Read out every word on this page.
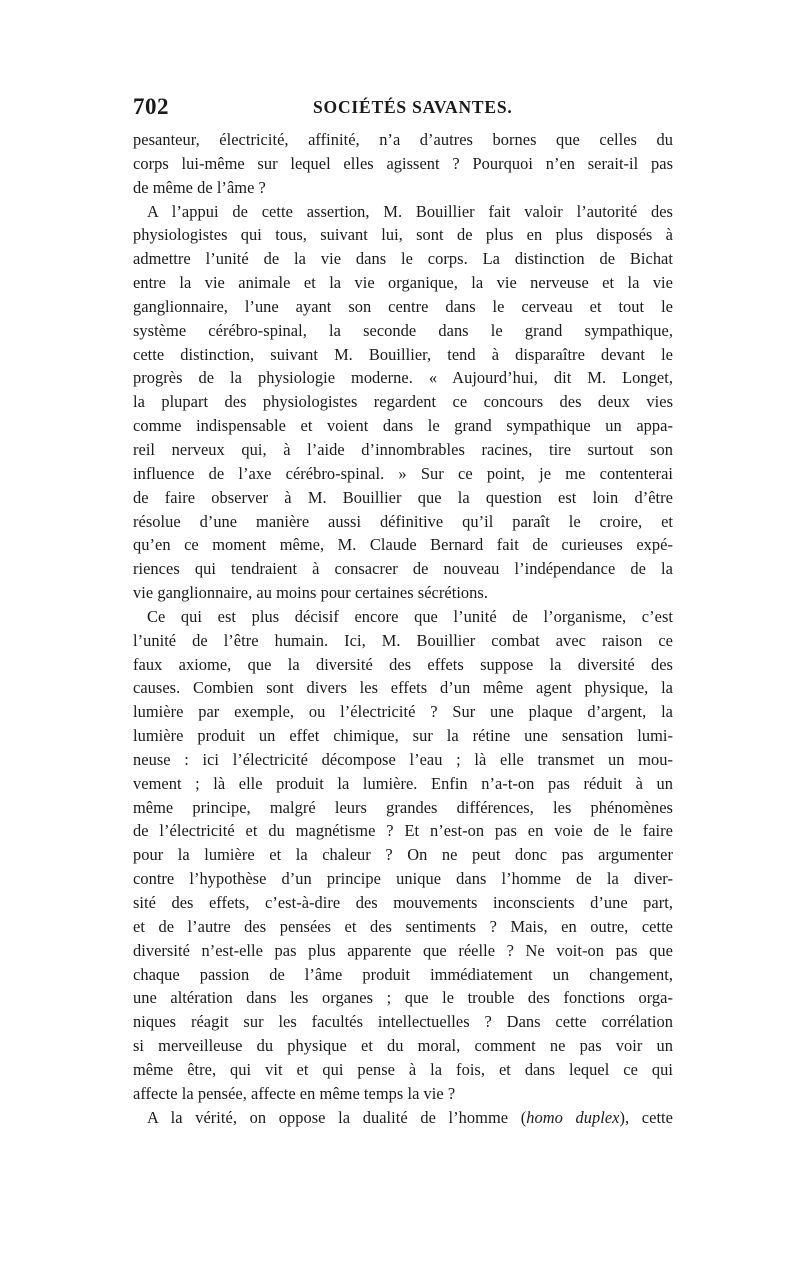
702	SOCIÉTÉS SAVANTES.
pesanteur, électricité, affinité, n’a d’autres bornes que celles du
corps lui-même sur lequel elles agissent ? Pourquoi n’en serait-il pas
de même de l’âme ?
A l’appui de cette assertion, M. Bouillier fait valoir l’autorité des
physiologistes qui tous, suivant lui, sont de plus en plus disposés à
admettre l’unité de la vie dans le corps. La distinction de Bichat
entre la vie animale et la vie organique, la vie nerveuse et la vie
ganglionnaire, l’une ayant son centre dans le cerveau et tout le
système cérébro-spinal, la seconde dans le grand sympathique,
cette distinction, suivant M. Bouillier, tend à disparaître devant le
progrès de la physiologie moderne. « Aujourd’hui, dit M. Longet,
la plupart des physiologistes regardent ce concours des deux vies
comme indispensable et voient dans le grand sympathique un appa-
reil nerveux qui, à l’aide d’innombrables racines, tire surtout son
influence de l’axe cérébro-spinal. » Sur ce point, je me contenterai
de faire observer à M. Bouillier que la question est loin d’être
résolue d’une manière aussi définitive qu’il paraît le croire, et
qu’en ce moment même, M. Claude Bernard fait de curieuses expé-
riences qui tendraient à consacrer de nouveau l’indépendance de la
vie ganglionnaire, au moins pour certaines sécrétions.
Ce qui est plus décisif encore que l’unité de l’organisme, c’est
l’unité de l’être humain. Ici, M. Bouillier combat avec raison ce
faux axiome, que la diversité des effets suppose la diversité des
causes. Combien sont divers les effets d’un même agent physique, la
lumière par exemple, ou l’électricité ? Sur une plaque d’argent, la
lumière produit un effet chimique, sur la rétine une sensation lumi-
neuse : ici l’électricité décompose l’eau ; là elle transmet un mou-
vement ; là elle produit la lumière. Enfin n’a-t-on pas réduit à un
même principe, malgré leurs grandes différences, les phénomènes
de l’électricité et du magnétisme ? Et n’est-on pas en voie de le faire
pour la lumière et la chaleur ? On ne peut donc pas argumenter
contre l’hypothèse d’un principe unique dans l’homme de la diver-
sité des effets, c’est-à-dire des mouvements inconscients d’une part,
et de l’autre des pensées et des sentiments ? Mais, en outre, cette
diversité n’est-elle pas plus apparente que réelle ? Ne voit-on pas que
chaque passion de l’âme produit immédiatement un changement,
une altération dans les organes ; que le trouble des fonctions orga-
niques réagit sur les facultés intellectuelles ? Dans cette corrélation
si merveilleuse du physique et du moral, comment ne pas voir un
même être, qui vit et qui pense à la fois, et dans lequel ce qui
affecte la pensée, affecte en même temps la vie ?
A la vérité, on oppose la dualité de l’homme (homo duplex), cette
